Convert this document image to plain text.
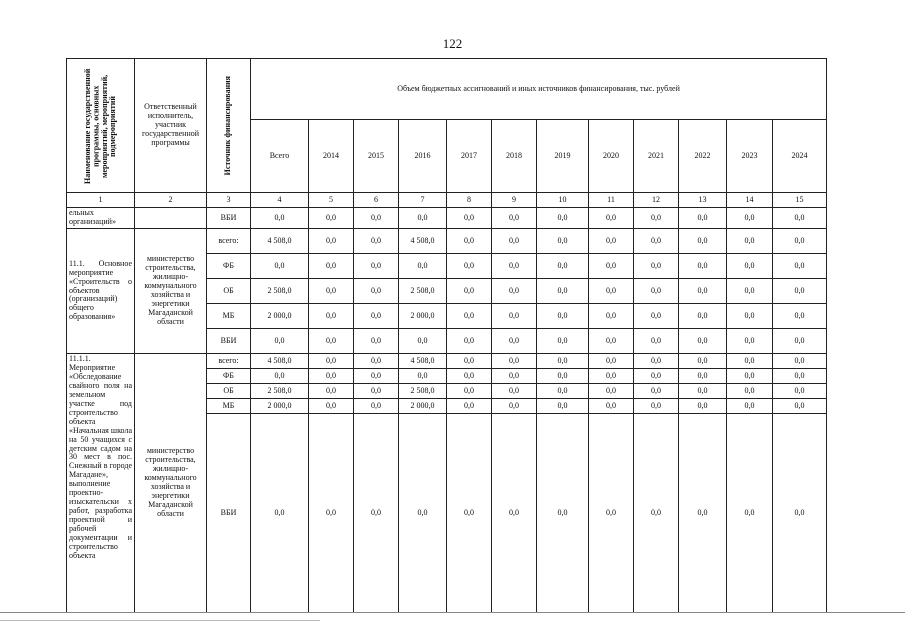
122
Наименование государственной программы, основных мероприятий, мероприятий, подмероприятий	Ответственный исполнитель, участник государственной программы	Источник финансирования	Объем бюджетных ассигнований и иных источников финансирования, тыс. рублей											
			Всего	2014	2015	2016	2017	2018	2019	2020	2021	2022	2023	2024
1	2	3	4	5	6	7	8	9	10	11	12	13	14	15
ельных организаций»		ВБИ	0,0	0,0	0,0	0,0	0,0	0,0	0,0	0,0	0,0	0,0	0,0	0,0
11.1. Основное мероприятие «Строительств о объектов (организаций) общего образования»	министерство строительства, жилищно-коммунального хозяйства и энергетики Магаданской области	всего:	4 508,0	0,0	0,0	4 508,0	0,0	0,0	0,0	0,0	0,0	0,0	0,0	0,0
		ФБ	0,0	0,0	0,0	0,0	0,0	0,0	0,0	0,0	0,0	0,0	0,0	0,0
		ОБ	2 508,0	0,0	0,0	2 508,0	0,0	0,0	0,0	0,0	0,0	0,0	0,0	0,0
		МБ	2 000,0	0,0	0,0	2 000,0	0,0	0,0	0,0	0,0	0,0	0,0	0,0	0,0
		ВБИ	0,0	0,0	0,0	0,0	0,0	0,0	0,0	0,0	0,0	0,0	0,0	0,0
11.1.1. Мероприятие «Обследование свайного поля на земельном участке под строительство объекта «Начальная школа на 50 учащихся с детским садом на 30 мест в пос. Снежный в городе Магадане», выполнение проектно-изыскательски х работ, разработка проектной и рабочей документации и строительство объекта	министерство строительства, жилищно-коммунального хозяйства и энергетики Магаданской области	всего:	4 508,0	0,0	0,0	4 508,0	0,0	0,0	0,0	0,0	0,0	0,0	0,0	0,0
		ФБ	0,0	0,0	0,0	0,0	0,0	0,0	0,0	0,0	0,0	0,0	0,0	0,0
		ОБ	2 508,0	0,0	0,0	2 508,0	0,0	0,0	0,0	0,0	0,0	0,0	0,0	0,0
		МБ	2 000,0	0,0	0,0	2 000,0	0,0	0,0	0,0	0,0	0,0	0,0	0,0	0,0
		ВБИ	0,0	0,0	0,0	0,0	0,0	0,0	0,0	0,0	0,0	0,0	0,0	0,0
